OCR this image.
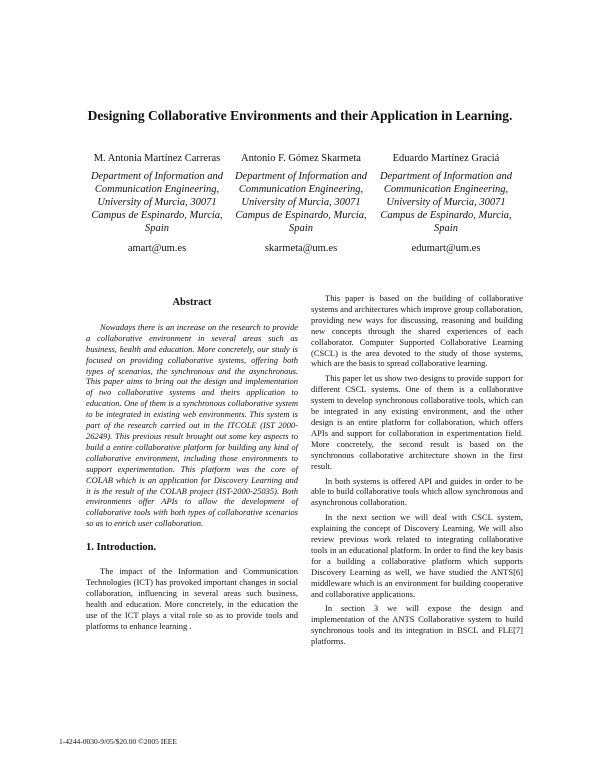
Designing Collaborative Environments and their Application in Learning.
M. Antonia Martínez Carreras
Department of Information and Communication Engineering, University of Murcia, 30071 Campus de Espinardo, Murcia, Spain
amart@um.es
Antonio F. Gómez Skarmeta
Department of Information and Communication Engineering, University of Murcia, 30071 Campus de Espinardo, Murcia, Spain
skarmeta@um.es
Eduardo Martínez Graciá
Department of Information and Communication Engineering, University of Murcia, 30071 Campus de Espinardo, Murcia, Spain
edumart@um.es
Abstract

Nowadays there is an increase on the research to provide a collaborative environment in several areas such as business, health and education. More concretely, our study is focused on providing collaborative systems, offering both types of scenarios, the synchronous and the asynchronous. This paper aims to bring out the design and implementation of two collaborative systems and theirs application to education. One of them is a synchronous collaborative system to be integrated in existing web environments. This system is part of the research carried out in the ITCOLE (IST 2000-26249). This previous result brought out some key aspects to build a entire collaborative platform for building any kind of collaborative environment, including those environments to support experimentation. This platform was the core of COLAB which is an application for Discovery Learning and it is the result of the COLAB project (IST-2000-25035). Both environments offer APIs to allow the development of collaborative tools with both types of collaborative scenarios so as to enrich user collaboration.

1. Introduction.

The impact of the Information and Communication Technologies (ICT) has provoked important changes in social collaboration, influencing in several areas such business, health and education. More concretely, in the education the use of the ICT plays a vital role so as to provide tools and platforms to enhance learning .

This paper is based on the building of collaborative systems and architectures which improve group collaboration, providing new ways for discussing, reasoning and building new concepts through the shared experiences of each collaborator. Computer Supported Collaborative Learning (CSCL) is the area devoted to the study of those systems, which are the basis to spread collaborative learning.

This paper let us show two designs to provide support for different CSCL systems. One of them is a collaborative system to develop synchronous collaborative tools, which can be integrated in any existing environment, and the other design is an entire platform for collaboration, which offers APIs and support for collaboration in experimentation field. More concretely, the second result is based on the synchronous collaborative architecture shown in the first result.

In both systems is offered API and guides in order to be able to build collaborative tools which allow synchronous and asynchronous collaboration.

In the next section we will deal with CSCL system, explaining the concept of Discovery Learning. We will also review previous work related to integrating collaborative tools in an educational platform. In order to find the key basis for a building a collaborative platform which supports Discovery Learning as well, we have studied the ANTS[6] middleware which is an environment for building cooperative and collaborative applications.

In section 3 we will expose the design and implementation of the ANTS Collaborative system to build synchronous tools and its integration in BSCL and FLE[7] platforms.

1-4244-0030-9/05/$20.00 ©2005 IEEE
